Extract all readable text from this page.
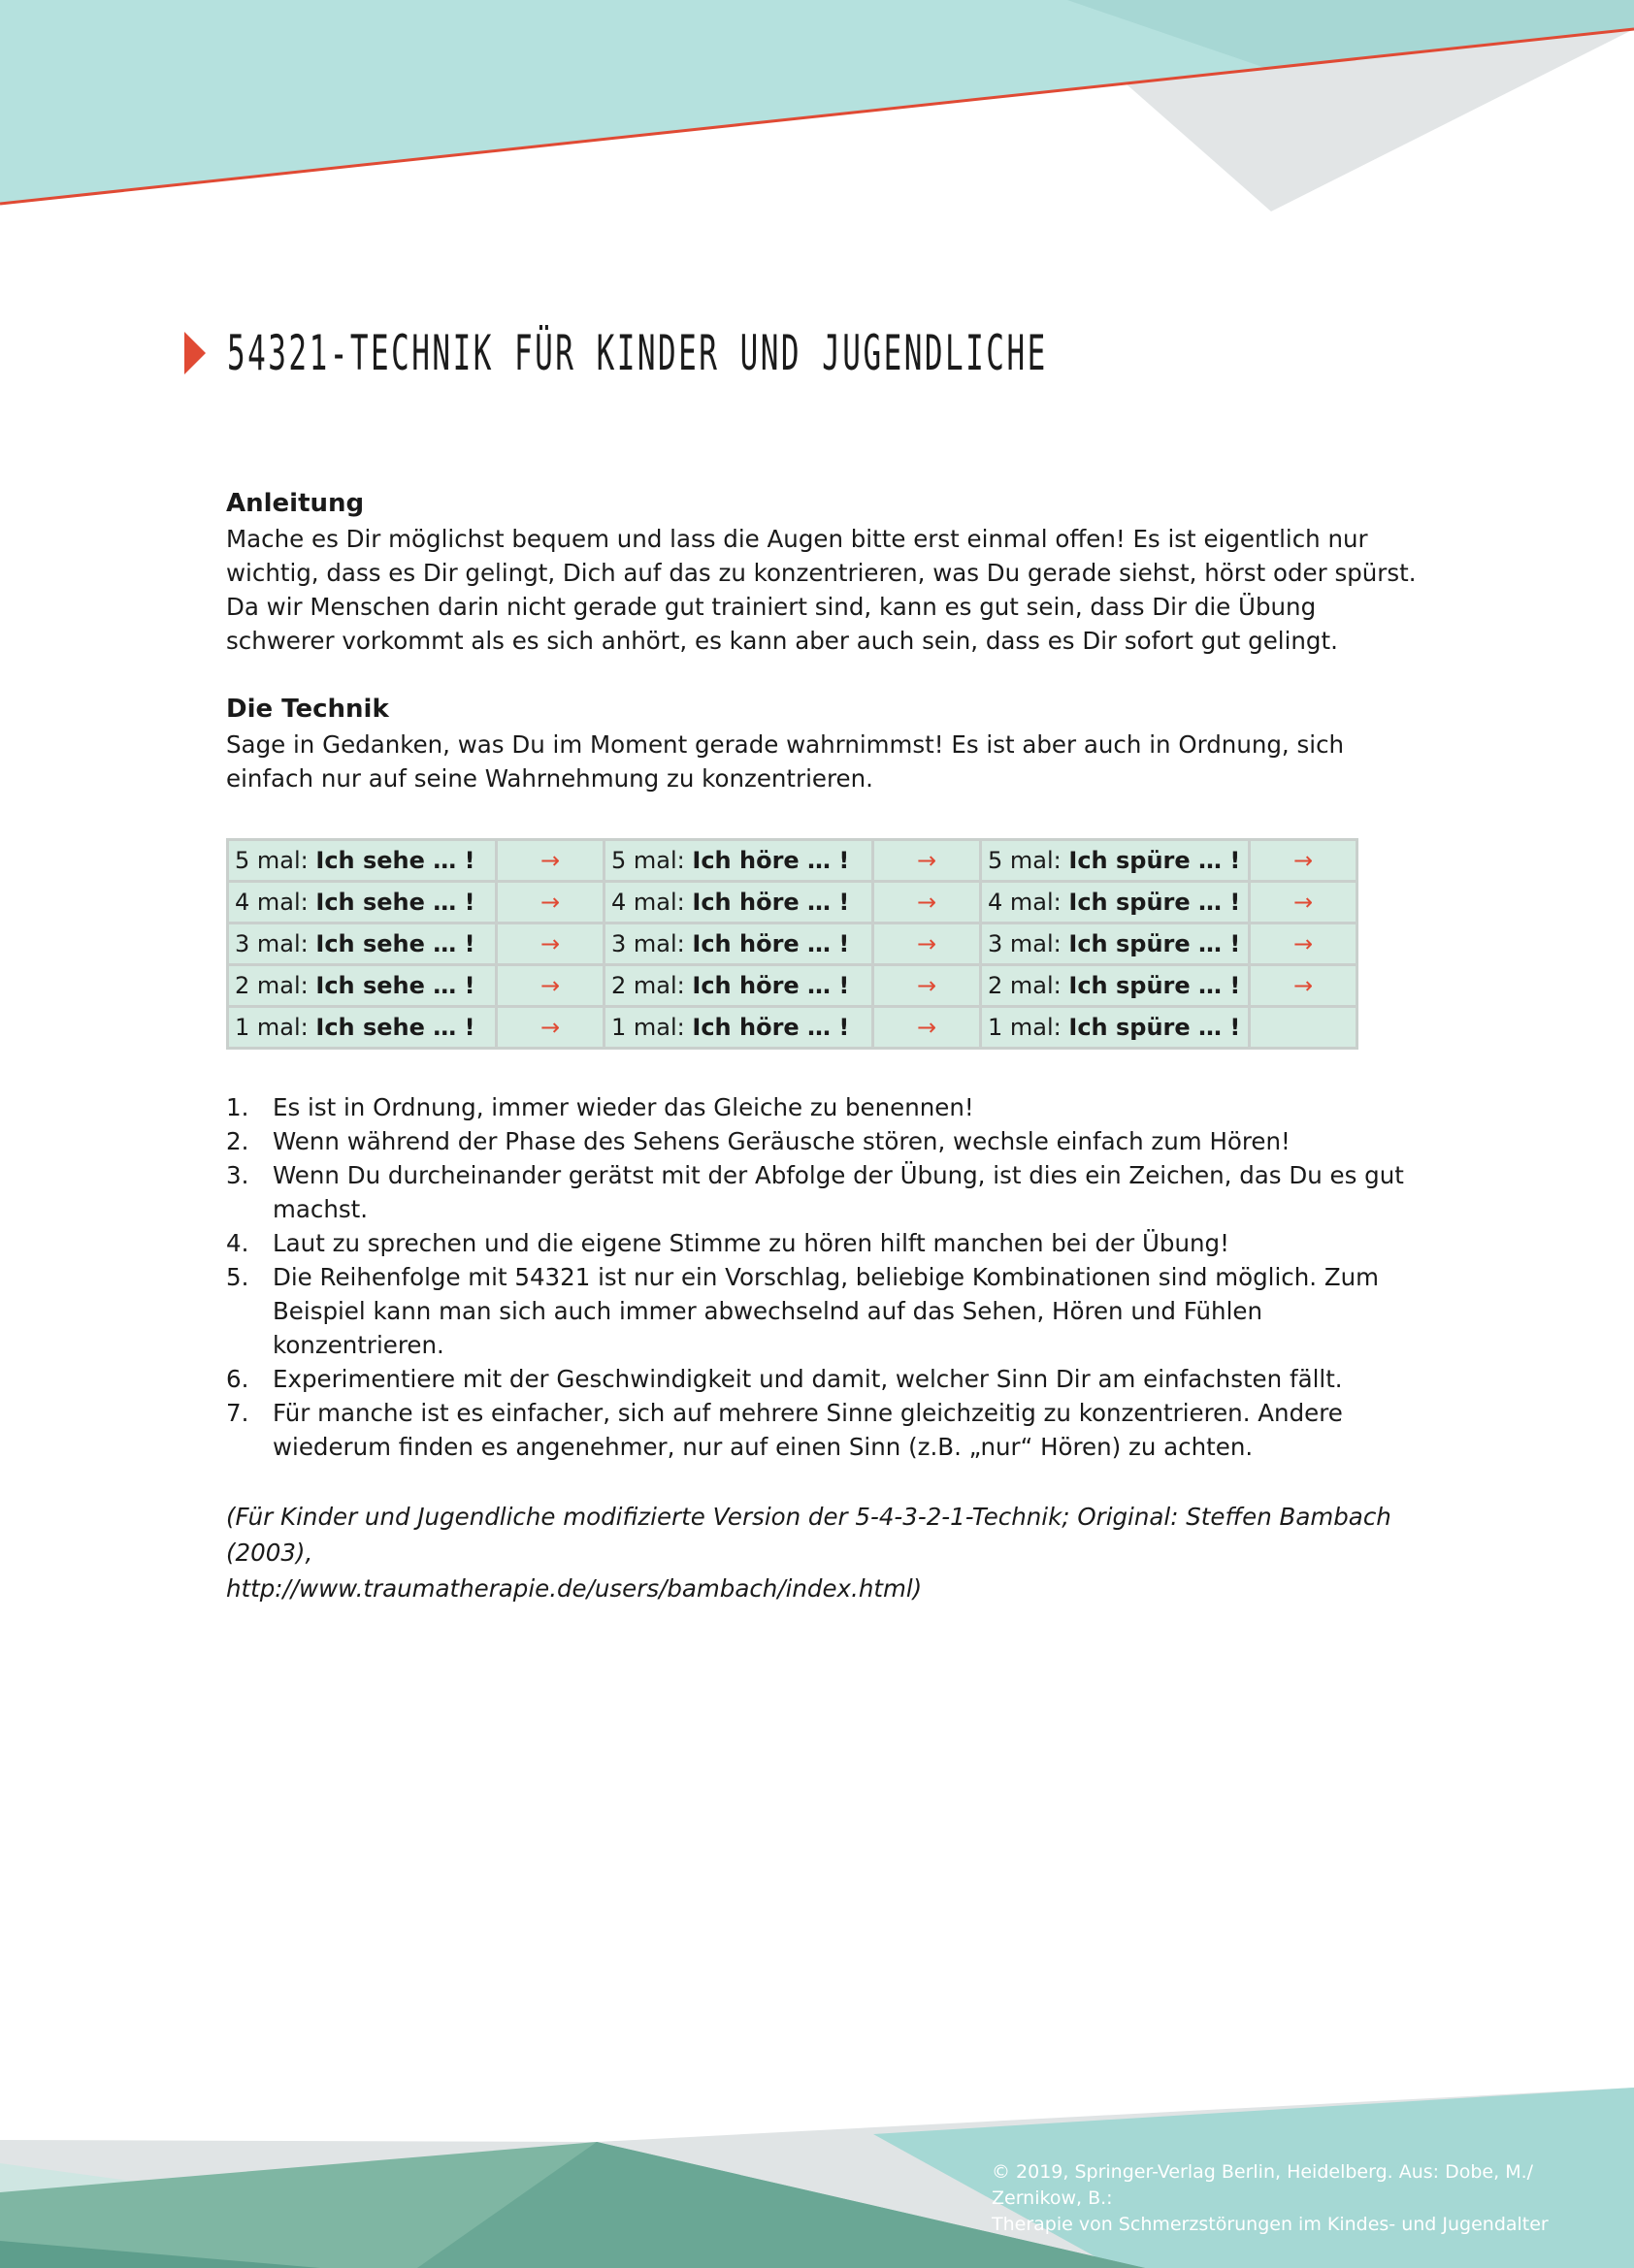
54321-TECHNIK FÜR KINDER UND JUGENDLICHE
Anleitung

Mache es Dir möglichst bequem und lass die Augen bitte erst einmal offen! Es ist eigentlich nur wichtig, dass es Dir gelingt, Dich auf das zu konzentrieren, was Du gerade siehst, hörst oder spürst. Da wir Menschen darin nicht gerade gut trainiert sind, kann es gut sein, dass Dir die Übung schwerer vorkommt als es sich anhört, es kann aber auch sein, dass es Dir sofort gut gelingt.

Die Technik

Sage in Gedanken, was Du im Moment gerade wahrnimmst! Es ist aber auch in Ordnung, sich einfach nur auf seine Wahrnehmung zu konzentrieren.

5 mal: Ich sehe … !	→	5 mal: Ich höre … !	→	5 mal: Ich spüre … !	→
4 mal: Ich sehe … !	→	4 mal: Ich höre … !	→	4 mal: Ich spüre … !	→
3 mal: Ich sehe … !	→	3 mal: Ich höre … !	→	3 mal: Ich spüre … !	→
2 mal: Ich sehe … !	→	2 mal: Ich höre … !	→	2 mal: Ich spüre … !	→
1 mal: Ich sehe … !	→	1 mal: Ich höre … !	→	1 mal: Ich spüre … !	
1.	Es ist in Ordnung, immer wieder das Gleiche zu benennen!
2.	Wenn während der Phase des Sehens Geräusche stören, wechsle einfach zum Hören!
3.	Wenn Du durcheinander gerätst mit der Abfolge der Übung, ist dies ein Zeichen, das Du es gut machst.
4.	Laut zu sprechen und die eigene Stimme zu hören hilft manchen bei der Übung!
5.	Die Reihenfolge mit 54321 ist nur ein Vorschlag, beliebige Kombinationen sind möglich. Zum Beispiel kann man sich auch immer abwechselnd auf das Sehen, Hören und Fühlen konzentrieren.
6.	Experimentiere mit der Geschwindigkeit und damit, welcher Sinn Dir am einfachsten fällt.
7.	Für manche ist es einfacher, sich auf mehrere Sinne gleichzeitig zu konzentrieren. Andere wiederum finden es angenehmer, nur auf einen Sinn (z.B. „nur“ Hören) zu achten.
(Für Kinder und Jugendliche modifizierte Version der 5-4-3-2-1-Technik; Original: Steffen Bambach (2003),
http://www.traumatherapie.de/users/bambach/index.html)
© 2019, Springer-Verlag Berlin, Heidelberg. Aus: Dobe, M./ Zernikow, B.:
Therapie von Schmerzstörungen im Kindes- und Jugendalter
